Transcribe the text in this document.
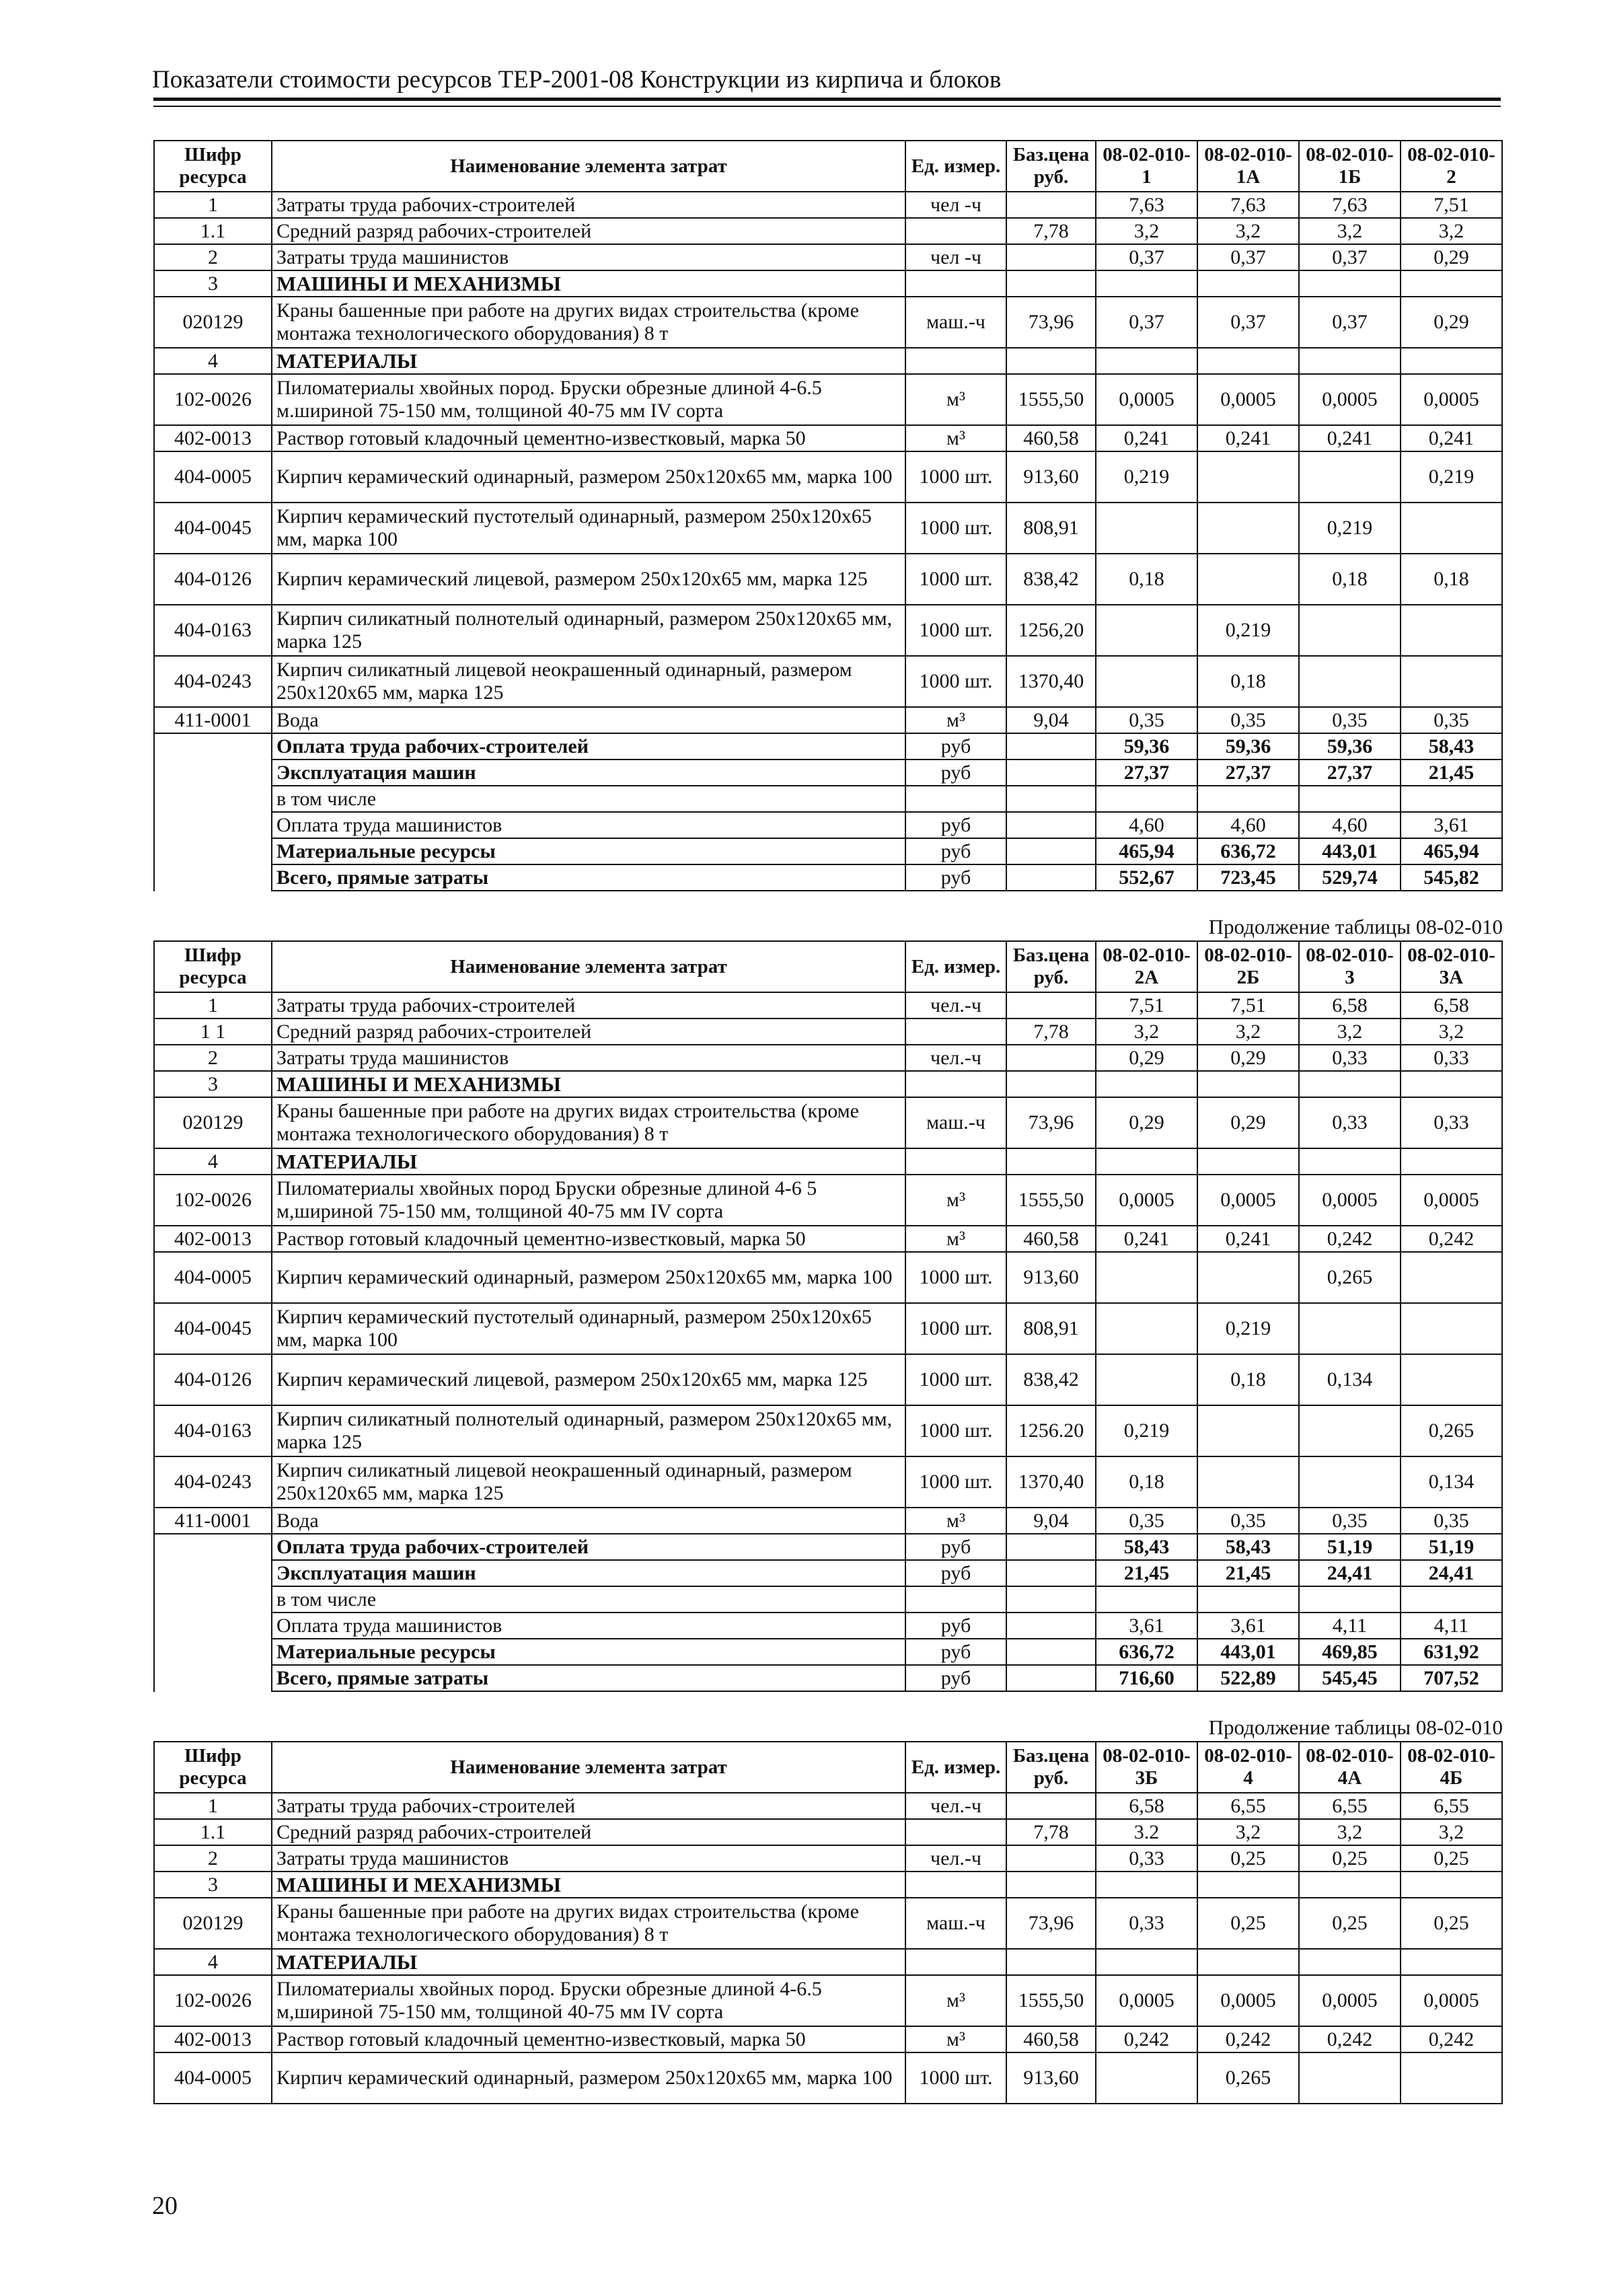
Показатели стоимости ресурсов ТЕР-2001-08 Конструкции из кирпича и блоков
Шифр ресурса	Наименование элемента затрат	Ед. измер.	Баз.цена руб.	08-02-010-1	08-02-010-1А	08-02-010-1Б	08-02-010-2
1	Затраты труда рабочих-строителей	чел -ч		7,63	7,63	7,63	7,51
1.1	Средний разряд рабочих-строителей		7,78	3,2	3,2	3,2	3,2
2	Затраты труда машинистов	чел -ч		0,37	0,37	0,37	0,29
3	МАШИНЫ И МЕХАНИЗМЫ						
020129	Краны башенные при работе на других видах строительства (кроме монтажа технологического оборудования) 8 т	маш.-ч	73,96	0,37	0,37	0,37	0,29
4	МАТЕРИАЛЫ						
102-0026	Пиломатериалы хвойных пород. Бруски обрезные длиной 4-6.5 м.шириной 75-150 мм, толщиной 40-75 мм IV сорта	м³	1555,50	0,0005	0,0005	0,0005	0,0005
402-0013	Раствор готовый кладочный цементно-известковый, марка 50	м³	460,58	0,241	0,241	0,241	0,241
404-0005	Кирпич керамический одинарный, размером 250х120х65 мм, марка 100	1000 шт.	913,60	0,219			0,219
404-0045	Кирпич керамический пустотелый одинарный, размером 250х120х65 мм, марка 100	1000 шт.	808,91			0,219	
404-0126	Кирпич керамический лицевой, размером 250х120х65 мм, марка 125	1000 шт.	838,42	0,18		0,18	0,18
404-0163	Кирпич силикатный полнотелый одинарный, размером 250х120х65 мм, марка 125	1000 шт.	1256,20		0,219		
404-0243	Кирпич силикатный лицевой неокрашенный одинарный, размером 250х120х65 мм, марка 125	1000 шт.	1370,40		0,18		
411-0001	Вода	м³	9,04	0,35	0,35	0,35	0,35
	Оплата труда рабочих-строителей	руб		59,36	59,36	59,36	58,43
	Эксплуатация машин	руб		27,37	27,37	27,37	21,45
	в том числе						
	Оплата труда машинистов	руб		4,60	4,60	4,60	3,61
	Материальные ресурсы	руб		465,94	636,72	443,01	465,94
	Всего, прямые затраты	руб		552,67	723,45	529,74	545,82
Продолжение таблицы 08-02-010
Шифр ресурса	Наименование элемента затрат	Ед. измер.	Баз.цена руб.	08-02-010-2А	08-02-010-2Б	08-02-010-3	08-02-010-3А
1	Затраты труда рабочих-строителей	чел.-ч		7,51	7,51	6,58	6,58
1 1	Средний разряд рабочих-строителей		7,78	3,2	3,2	3,2	3,2
2	Затраты труда машинистов	чел.-ч		0,29	0,29	0,33	0,33
3	МАШИНЫ И МЕХАНИЗМЫ						
020129	Краны башенные при работе на других видах строительства (кроме монтажа технологического оборудования) 8 т	маш.-ч	73,96	0,29	0,29	0,33	0,33
4	МАТЕРИАЛЫ						
102-0026	Пиломатериалы хвойных пород Бруски обрезные длиной 4-6 5 м,шириной 75-150 мм, толщиной 40-75 мм IV сорта	м³	1555,50	0,0005	0,0005	0,0005	0,0005
402-0013	Раствор готовый кладочный цементно-известковый, марка 50	м³	460,58	0,241	0,241	0,242	0,242
404-0005	Кирпич керамический одинарный, размером 250х120х65 мм, марка 100	1000 шт.	913,60			0,265	
404-0045	Кирпич керамический пустотелый одинарный, размером 250х120х65 мм, марка 100	1000 шт.	808,91		0,219		
404-0126	Кирпич керамический лицевой, размером 250х120х65 мм, марка 125	1000 шт.	838,42		0,18	0,134	
404-0163	Кирпич силикатный полнотелый одинарный, размером 250х120х65 мм, марка 125	1000 шт.	1256.20	0,219			0,265
404-0243	Кирпич силикатный лицевой неокрашенный одинарный, размером 250х120х65 мм, марка 125	1000 шт.	1370,40	0,18			0,134
411-0001	Вода	м³	9,04	0,35	0,35	0,35	0,35
	Оплата труда рабочих-строителей	руб		58,43	58,43	51,19	51,19
	Эксплуатация машин	руб		21,45	21,45	24,41	24,41
	в том числе						
	Оплата труда машинистов	руб		3,61	3,61	4,11	4,11
	Материальные ресурсы	руб		636,72	443,01	469,85	631,92
	Всего, прямые затраты	руб		716,60	522,89	545,45	707,52
Продолжение таблицы 08-02-010
Шифр ресурса	Наименование элемента затрат	Ед. измер.	Баз.цена руб.	08-02-010-3Б	08-02-010-4	08-02-010-4А	08-02-010-4Б
1	Затраты труда рабочих-строителей	чел.-ч		6,58	6,55	6,55	6,55
1.1	Средний разряд рабочих-строителей		7,78	3.2	3,2	3,2	3,2
2	Затраты труда машинистов	чел.-ч		0,33	0,25	0,25	0,25
3	МАШИНЫ И МЕХАНИЗМЫ						
020129	Краны башенные при работе на других видах строительства (кроме монтажа технологического оборудования) 8 т	маш.-ч	73,96	0,33	0,25	0,25	0,25
4	МАТЕРИАЛЫ						
102-0026	Пиломатериалы хвойных пород. Бруски обрезные длиной 4-6.5 м,шириной 75-150 мм, толщиной 40-75 мм IV сорта	м³	1555,50	0,0005	0,0005	0,0005	0,0005
402-0013	Раствор готовый кладочный цементно-известковый, марка 50	м³	460,58	0,242	0,242	0,242	0,242
404-0005	Кирпич керамический одинарный, размером 250х120х65 мм, марка 100	1000 шт.	913,60		0,265		
20
